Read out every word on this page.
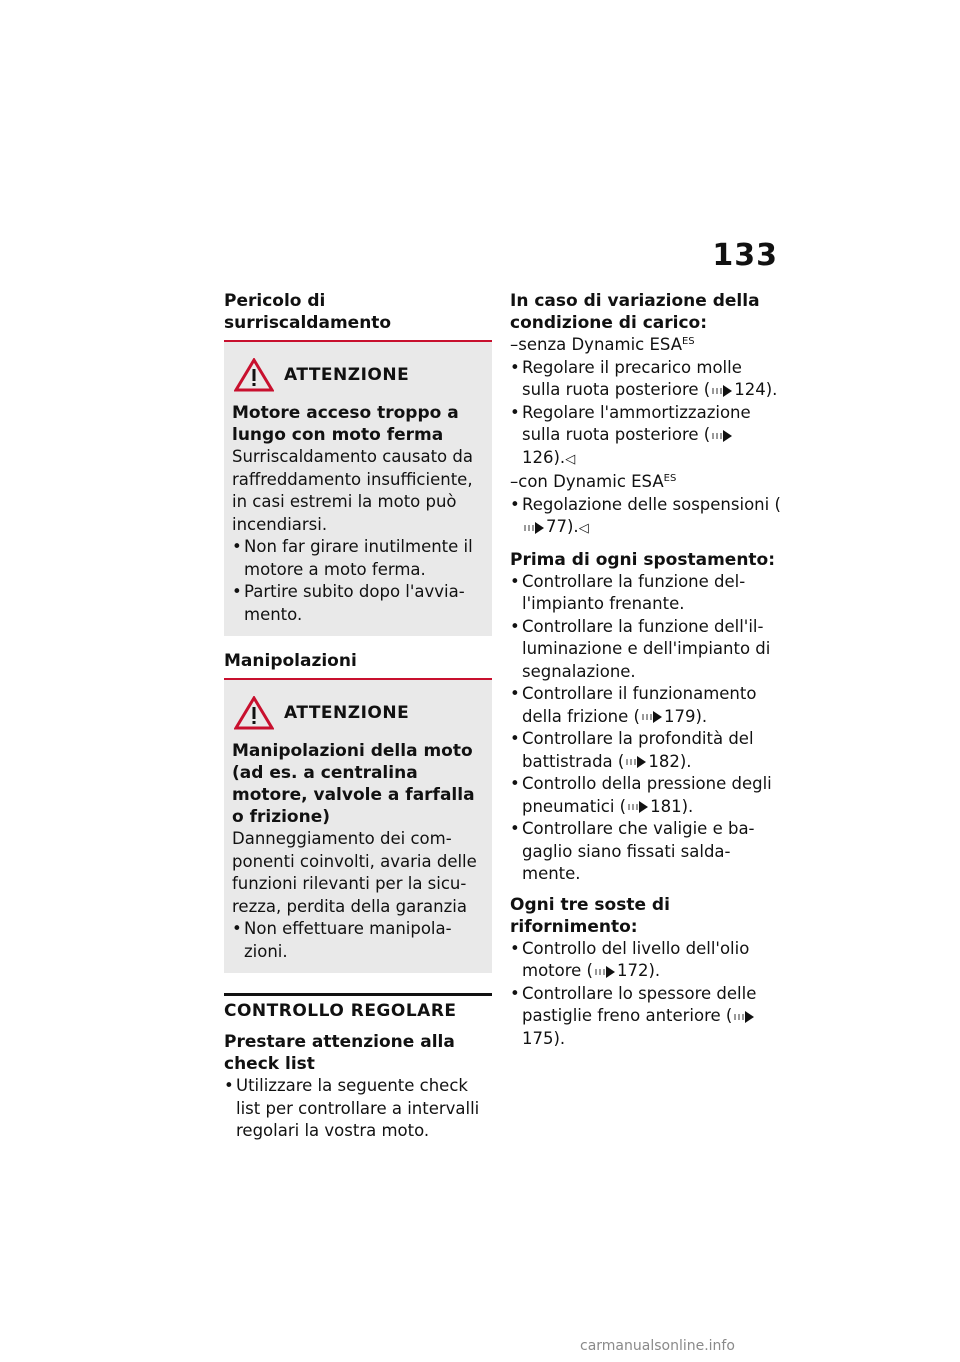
133

Pericolo di surriscaldamento

ATTENZIONE

Motore acceso troppo a lungo con moto ferma

Surriscaldamento causato da raffreddamento insufficiente, in casi estremi la moto può incendiarsi.

• Non far girare inutilmente il motore a moto ferma.
• Partire subito dopo l'avvia-mento.

Manipolazioni

ATTENZIONE

Manipolazioni della moto (ad es. a centralina motore, valvole a farfalla o frizione)

Danneggiamento dei com-ponenti coinvolti, avaria delle funzioni rilevanti per la sicu-rezza, perdita della garanzia

• Non effettuare manipola-zioni.
CONTROLLO REGOLARE

Prestare attenzione alla check list

• Utilizzare la seguente check list per controllare a intervalli regolari la vostra moto.

In caso di variazione della condizione di carico:

–senza Dynamic $ESA^{ES}$

• Regolare il precarico molle sulla ruota posteriore ( 124).
• Regolare l'ammortizzazione sulla ruota posteriore (126).◁

–con Dynamic $ESA^{ES}$

• Regolazione delle sospensioni (77).◁

Prima di ogni spostamento:

• Controllare la funzione del-l'impianto frenante.
• Controllare la funzione dell'il-luminazione e dell'impianto di segnalazione.
• Controllare il funzionamento della frizione ( 179).
• Controllare la profondità del battistrada ( 182).
• Controllo della pressione degli pneumatici ( 181).
• Controllare che valigie e ba-gaglio siano fissati salda-mente.

Ogni tre soste di rifornimento:

• Controllo del livello dell'olio motore ( 172).
• Controllare lo spessore delle pastiglie freno anteriore (175).
carmanualsonline.info
